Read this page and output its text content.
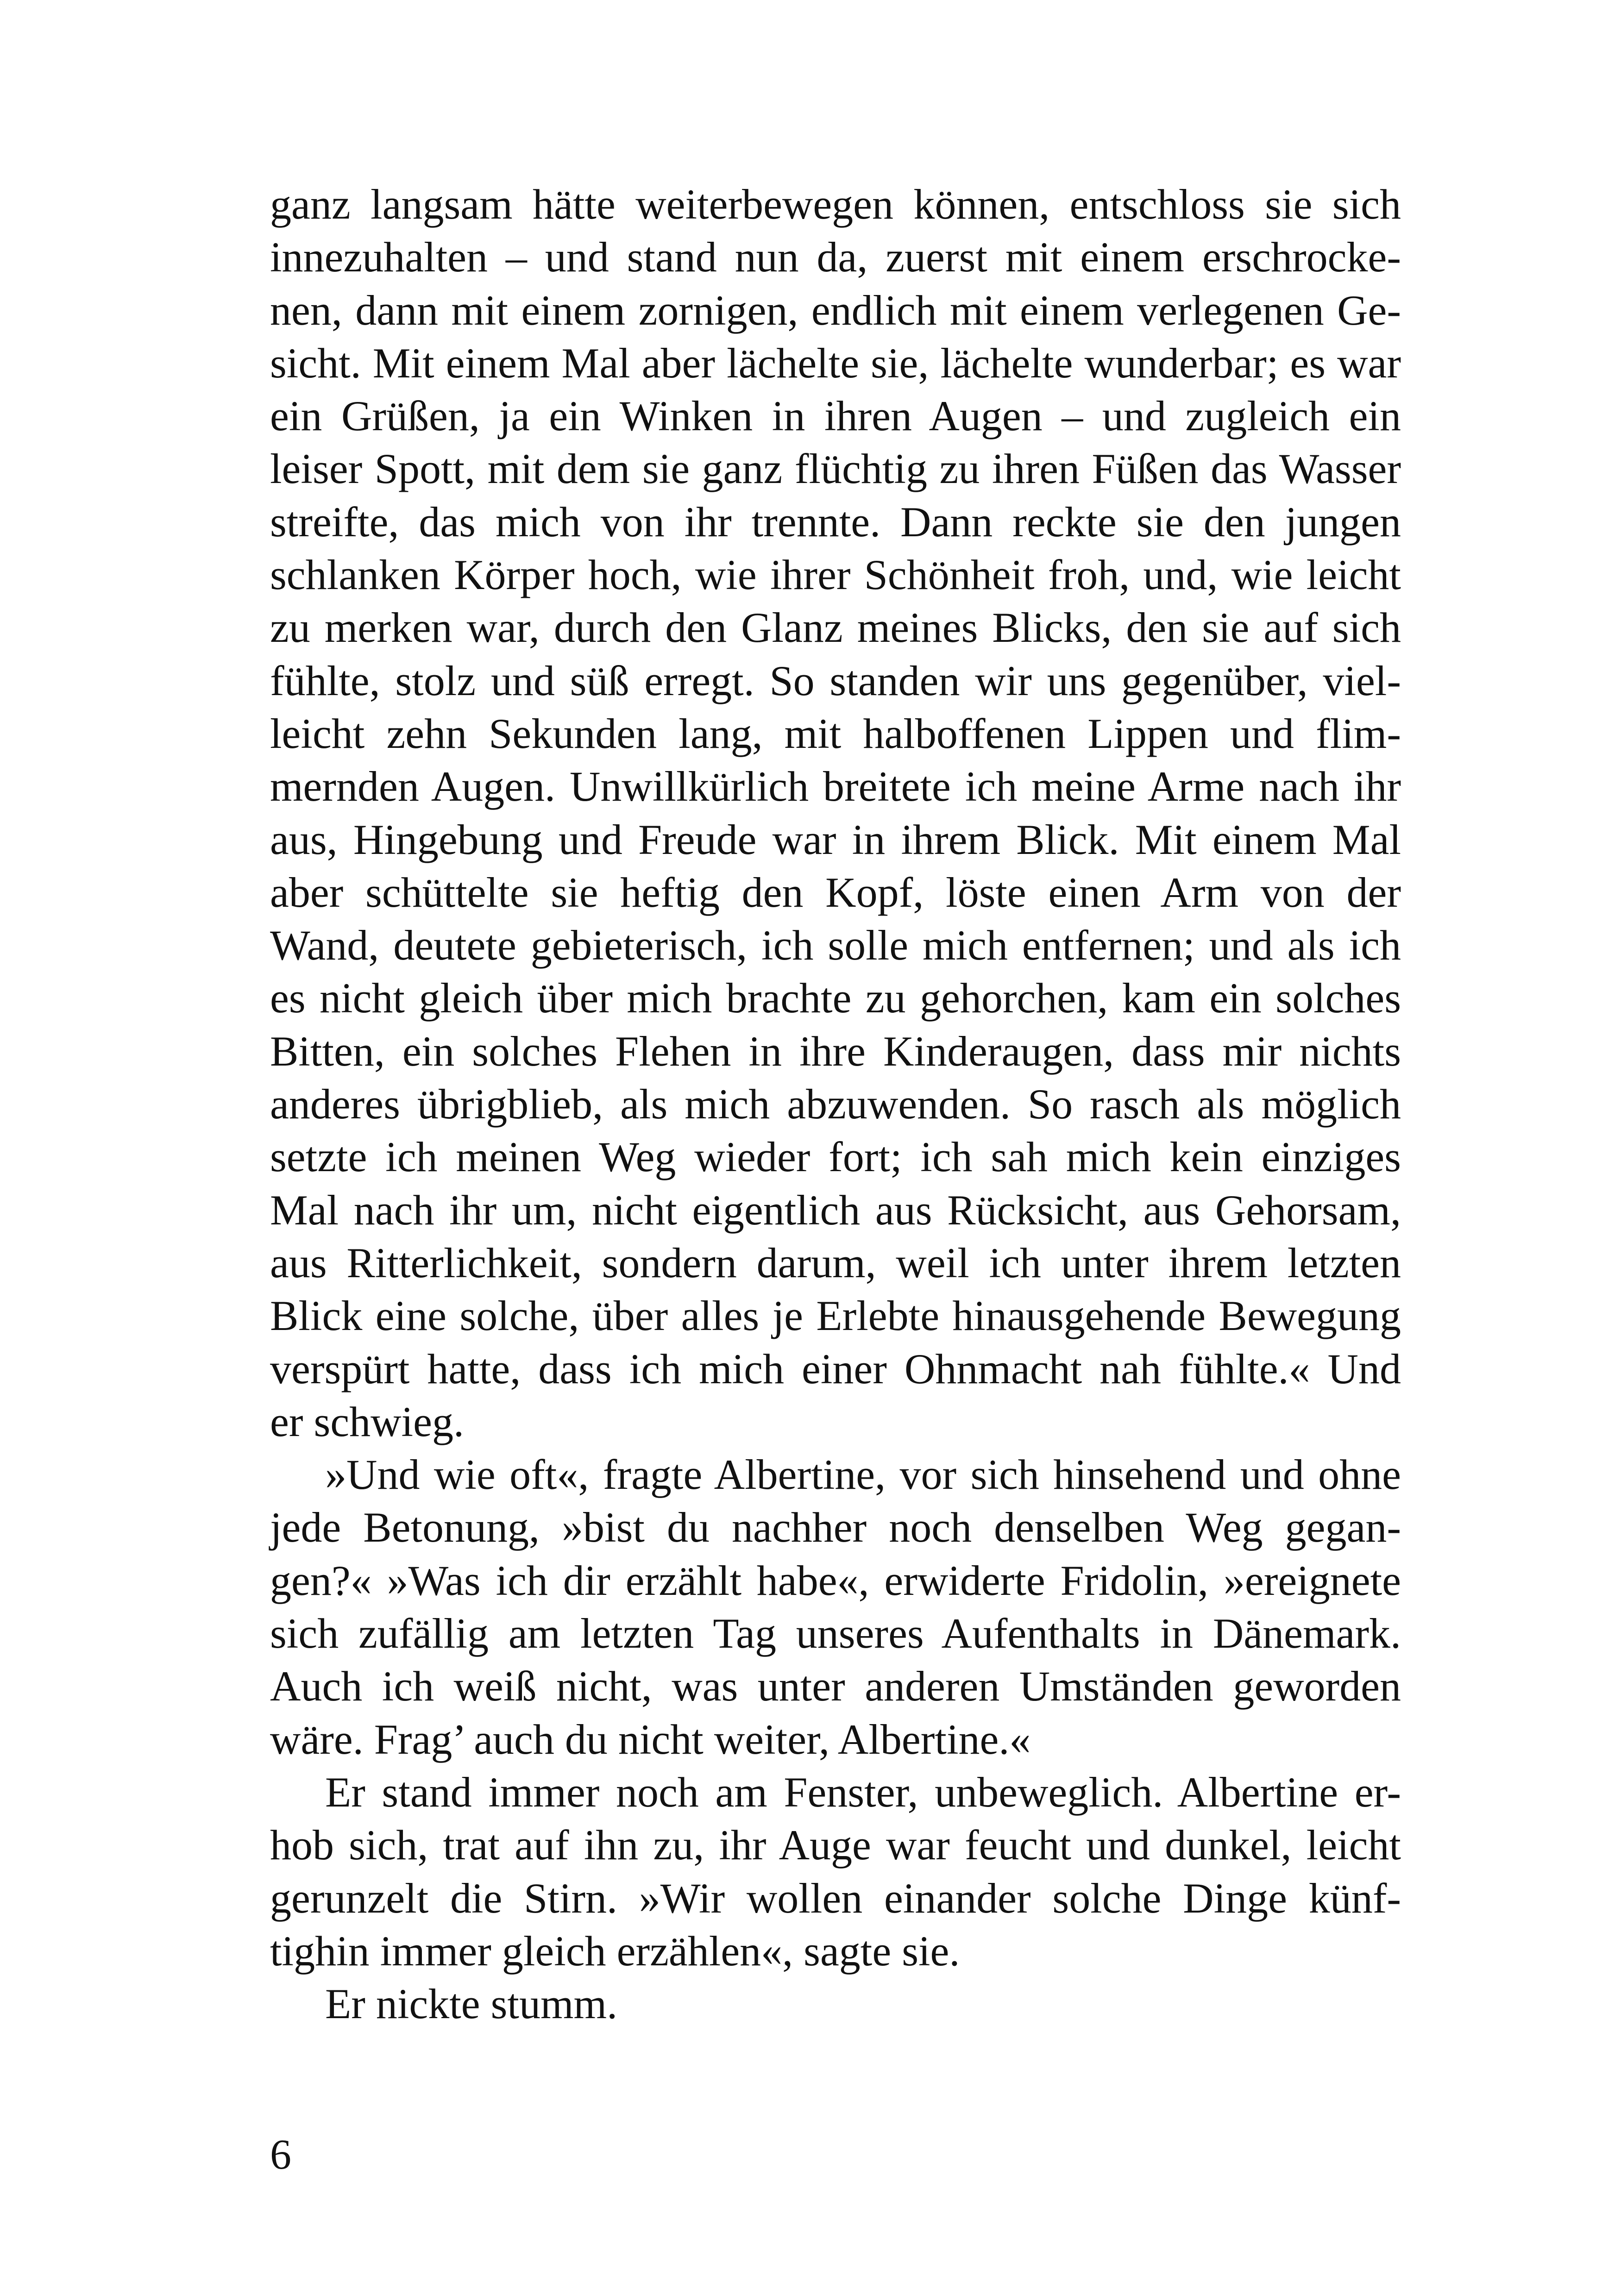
ganz langsam hätte weiterbewegen können, entschloss sie sich
innezuhalten – und stand nun da, zuerst mit einem erschrocke-
nen, dann mit einem zornigen, endlich mit einem verlegenen Ge-
sicht. Mit einem Mal aber lächelte sie, lächelte wunderbar; es war
ein Grüßen, ja ein Winken in ihren Augen – und zugleich ein
leiser Spott, mit dem sie ganz flüchtig zu ihren Füßen das Wasser
streifte, das mich von ihr trennte. Dann reckte sie den jungen
schlanken Körper hoch, wie ihrer Schönheit froh, und, wie leicht
zu merken war, durch den Glanz meines Blicks, den sie auf sich
fühlte, stolz und süß erregt. So standen wir uns gegenüber, viel-
leicht zehn Sekunden lang, mit halboffenen Lippen und flim-
mernden Augen. Unwillkürlich breitete ich meine Arme nach ihr
aus, Hingebung und Freude war in ihrem Blick. Mit einem Mal
aber schüttelte sie heftig den Kopf, löste einen Arm von der
Wand, deutete gebieterisch, ich solle mich entfernen; und als ich
es nicht gleich über mich brachte zu gehorchen, kam ein solches
Bitten, ein solches Flehen in ihre Kinderaugen, dass mir nichts
anderes übrigblieb, als mich abzuwenden. So rasch als möglich
setzte ich meinen Weg wieder fort; ich sah mich kein einziges
Mal nach ihr um, nicht eigentlich aus Rücksicht, aus Gehorsam,
aus Ritterlichkeit, sondern darum, weil ich unter ihrem letzten
Blick eine solche, über alles je Erlebte hinausgehende Bewegung
verspürt hatte, dass ich mich einer Ohnmacht nah fühlte.« Und
er schwieg.
»Und wie oft«, fragte Albertine, vor sich hinsehend und ohne
jede Betonung, »bist du nachher noch denselben Weg gegan-
gen?« »Was ich dir erzählt habe«, erwiderte Fridolin, »ereignete
sich zufällig am letzten Tag unseres Aufenthalts in Dänemark.
Auch ich weiß nicht, was unter anderen Umständen geworden
wäre. Frag’ auch du nicht weiter, Albertine.«
Er stand immer noch am Fenster, unbeweglich. Albertine er-
hob sich, trat auf ihn zu, ihr Auge war feucht und dunkel, leicht
gerunzelt die Stirn. »Wir wollen einander solche Dinge künf-
tighin immer gleich erzählen«, sagte sie.
Er nickte stumm.
6
